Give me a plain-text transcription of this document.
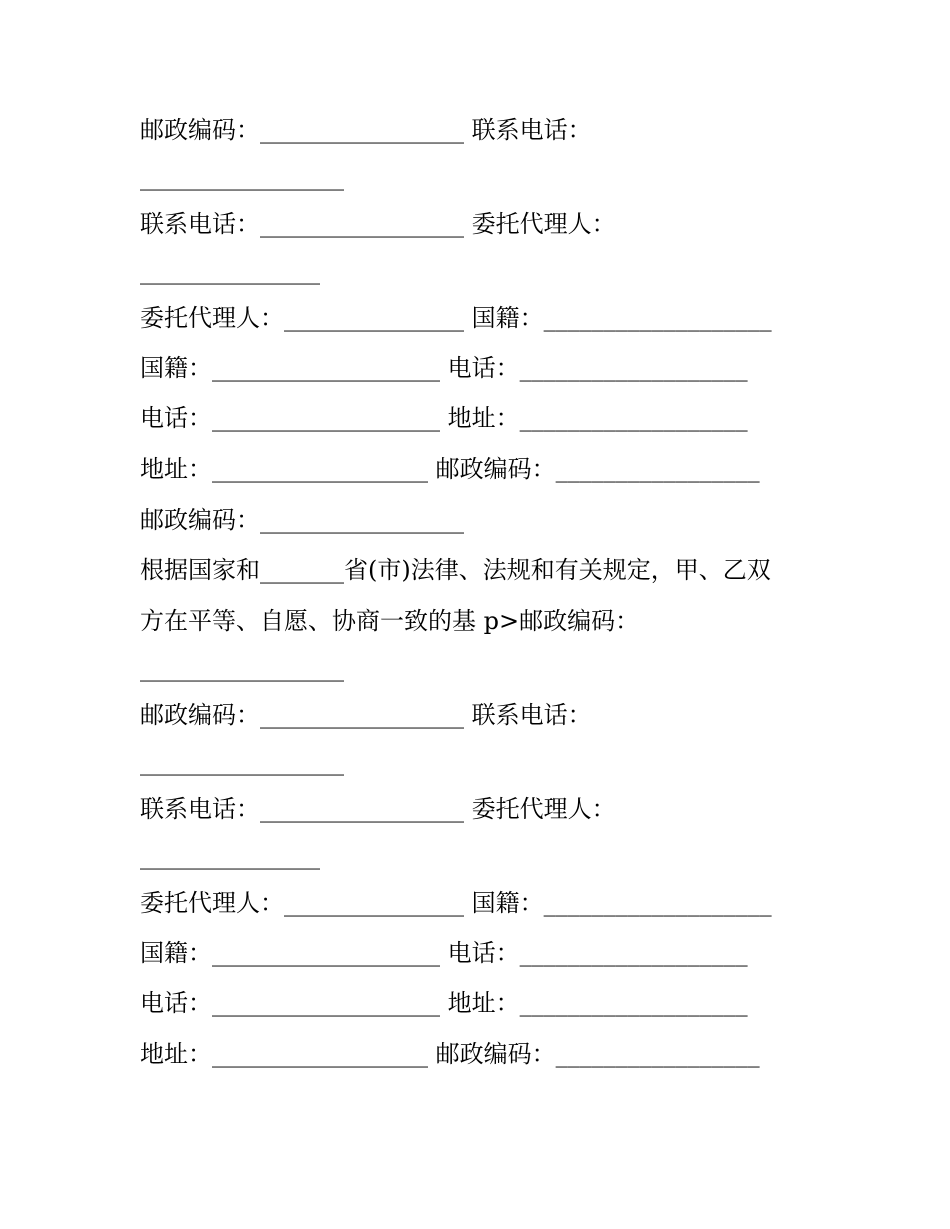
邮政编码：_________________ 联系电话：
_________________
联系电话：_________________ 委托代理人：
_______________
委托代理人：_______________ 国籍：___________________
国籍：___________________ 电话：___________________
电话：___________________ 地址：___________________
地址：__________________ 邮政编码：_________________
邮政编码：_________________
根据国家和_______省(市)法律、法规和有关规定，甲、乙双
方在平等、自愿、协商一致的基 p>邮政编码：
_________________
邮政编码：_________________ 联系电话：
_________________
联系电话：_________________ 委托代理人：
_______________
委托代理人：_______________ 国籍：___________________
国籍：___________________ 电话：___________________
电话：___________________ 地址：___________________
地址：__________________ 邮政编码：_________________
